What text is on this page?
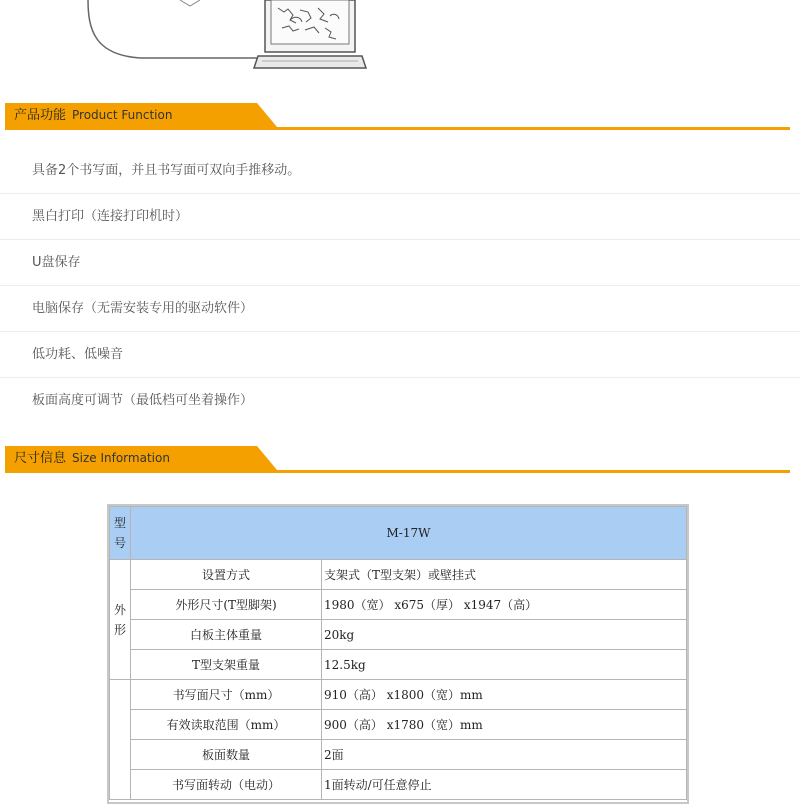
产品功能 Product Function
具备2个书写面，并且书写面可双向手推移动。
黑白打印（连接打印机时）
U盘保存
电脑保存（无需安装专用的驱动软件）
低功耗、低噪音
板面高度可调节（最低档可坐着操作）
尺寸信息 Size Information
型号	M-17W	
外形	设置方式	支架式（T型支架）或壁挂式
	外形尺寸(T型脚架)	1980（宽） x675（厚） x1947（高）
	白板主体重量	20kg
	T型支架重量	12.5kg
	书写面尺寸（mm）	910（高） x1800（宽）mm
	有效读取范围（mm）	900（高） x1780（宽）mm
	板面数量	2面
	书写面转动（电动）	1面转动/可任意停止
